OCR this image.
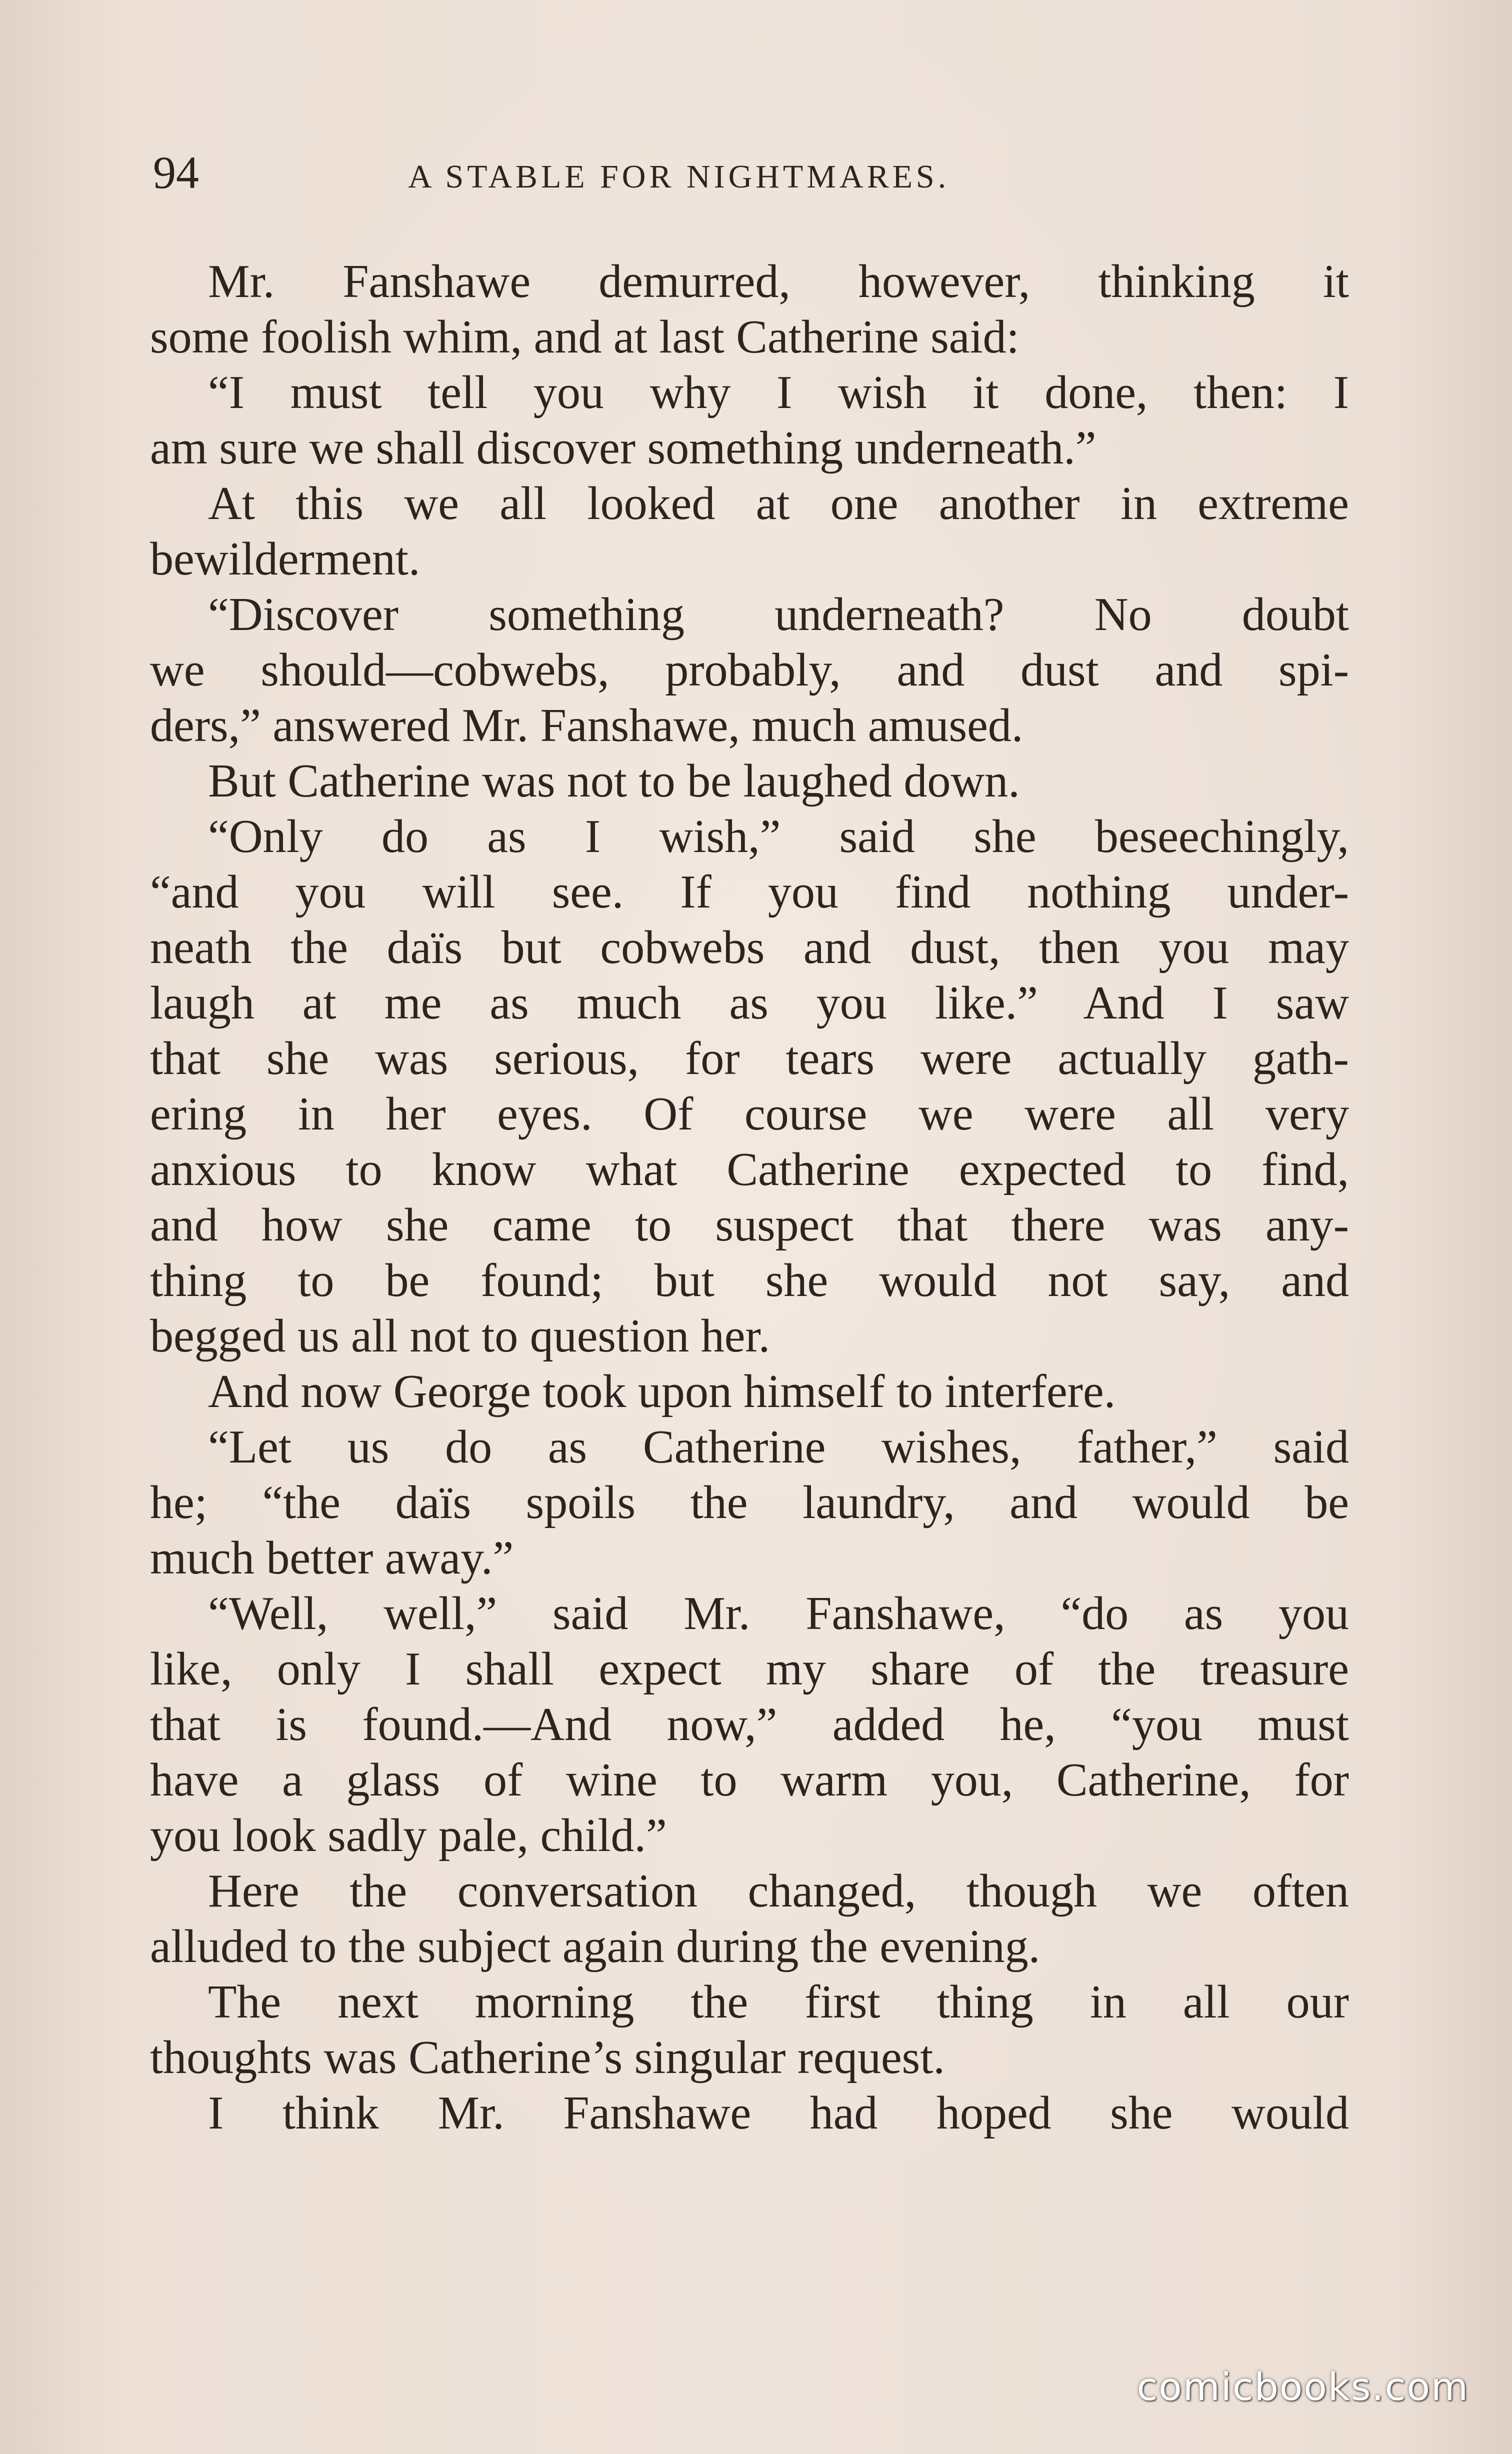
94	A STABLE FOR NIGHTMARES.
Mr. Fanshawe demurred, however, thinking it
some foolish whim, and at last Catherine said:
“I must tell you why I wish it done, then: I
am sure we shall discover something underneath.”
At this we all looked at one another in extreme
bewilderment.
“Discover something underneath? No doubt
we should—cobwebs, probably, and dust and spi-
ders,” answered Mr. Fanshawe, much amused.
But Catherine was not to be laughed down.
“Only do as I wish,” said she beseechingly,
“and you will see. If you find nothing under-
neath the daïs but cobwebs and dust, then you may
laugh at me as much as you like.” And I saw
that she was serious, for tears were actually gath-
ering in her eyes. Of course we were all very
anxious to know what Catherine expected to find,
and how she came to suspect that there was any-
thing to be found; but she would not say, and
begged us all not to question her.
And now George took upon himself to interfere.
“Let us do as Catherine wishes, father,” said
he; “the daïs spoils the laundry, and would be
much better away.”
“Well, well,” said Mr. Fanshawe, “do as you
like, only I shall expect my share of the treasure
that is found.—And now,” added he, “you must
have a glass of wine to warm you, Catherine, for
you look sadly pale, child.”
Here the conversation changed, though we often
alluded to the subject again during the evening.
The next morning the first thing in all our
thoughts was Catherine’s singular request.
I think Mr. Fanshawe had hoped she would
comicbooks.com
